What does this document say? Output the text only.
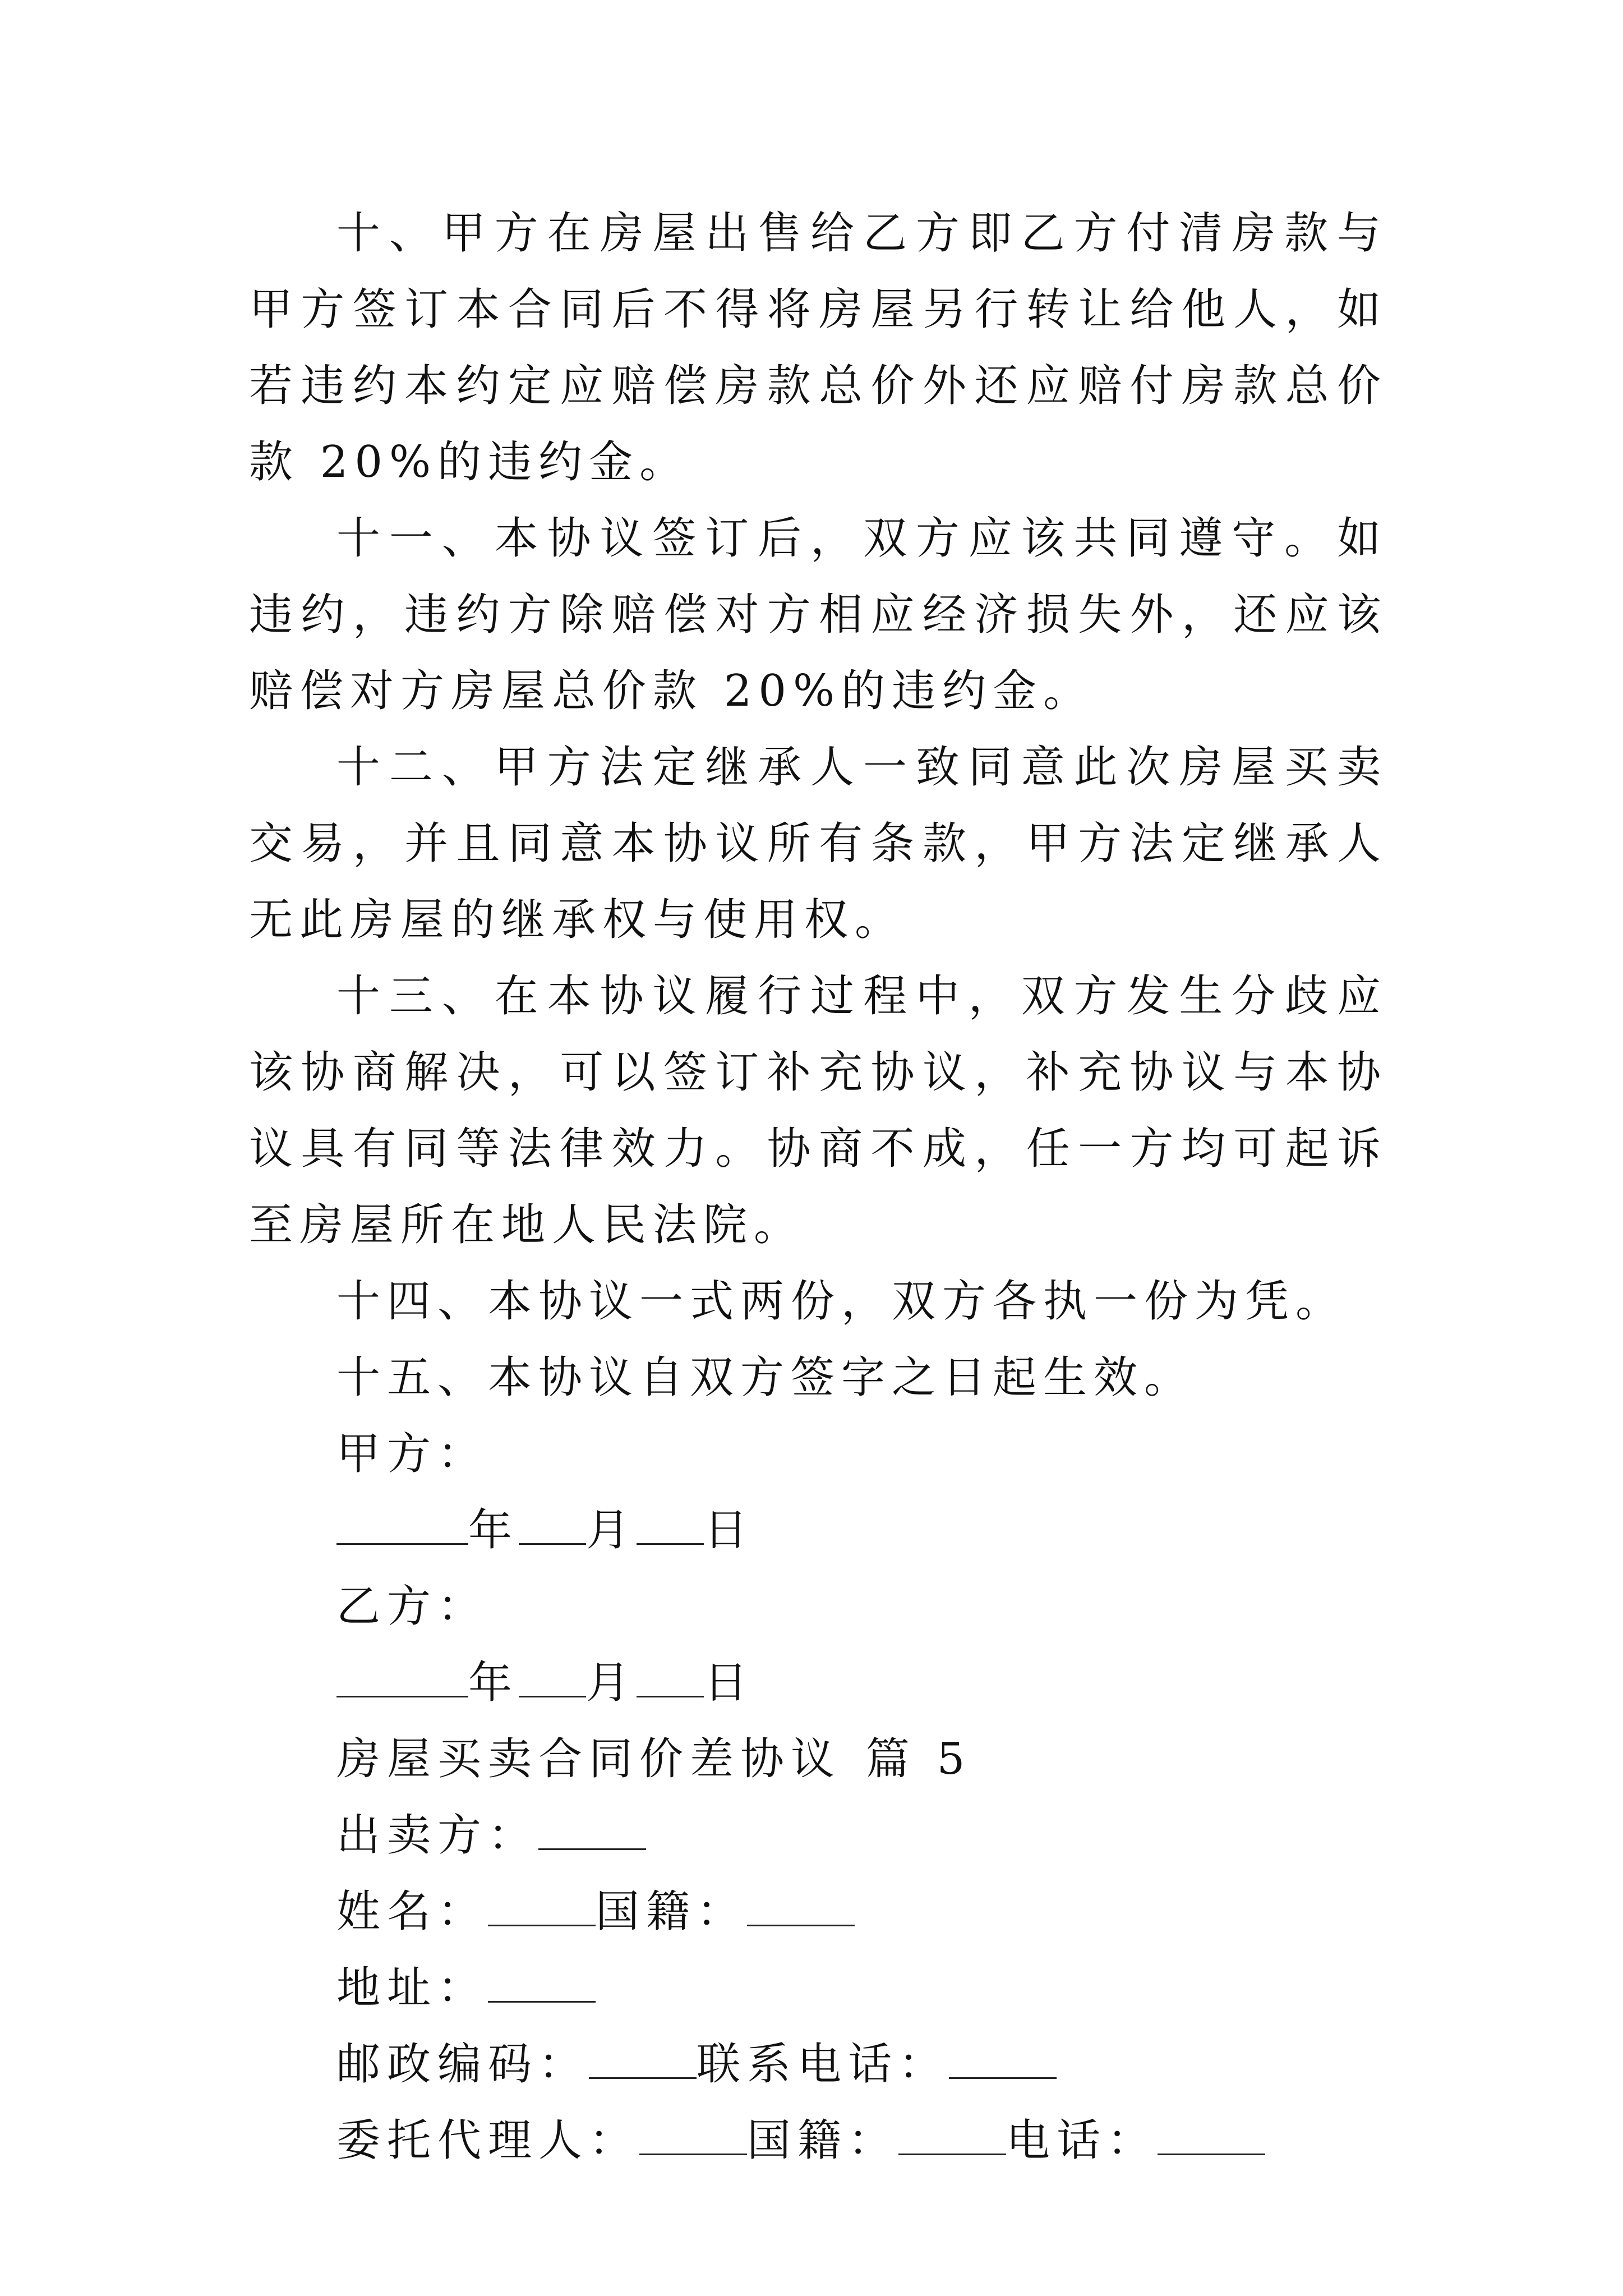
十、甲方在房屋出售给乙方即乙方付清房款与甲方签订本合同后不得将房屋另行转让给他人，如若违约本约定应赔偿房款总价外还应赔付房款总价款 20%的违约金。

十一、本协议签订后，双方应该共同遵守。如违约，违约方除赔偿对方相应经济损失外，还应该赔偿对方房屋总价款 20%的违约金。

十二、甲方法定继承人一致同意此次房屋买卖交易，并且同意本协议所有条款，甲方法定继承人无此房屋的继承权与使用权。

十三、在本协议履行过程中，双方发生分歧应该协商解决，可以签订补充协议，补充协议与本协议具有同等法律效力。协商不成，任一方均可起诉至房屋所在地人民法院。

十四、本协议一式两份，双方各执一份为凭。

十五、本协议自双方签字之日起生效。

甲方：
年 月 日
乙方：
年 月 日
房屋买卖合同价差协议 篇 5
出卖方：
姓名： 国籍：
地址：
邮政编码： 联系电话：
委托代理人： 国籍： 电话：
